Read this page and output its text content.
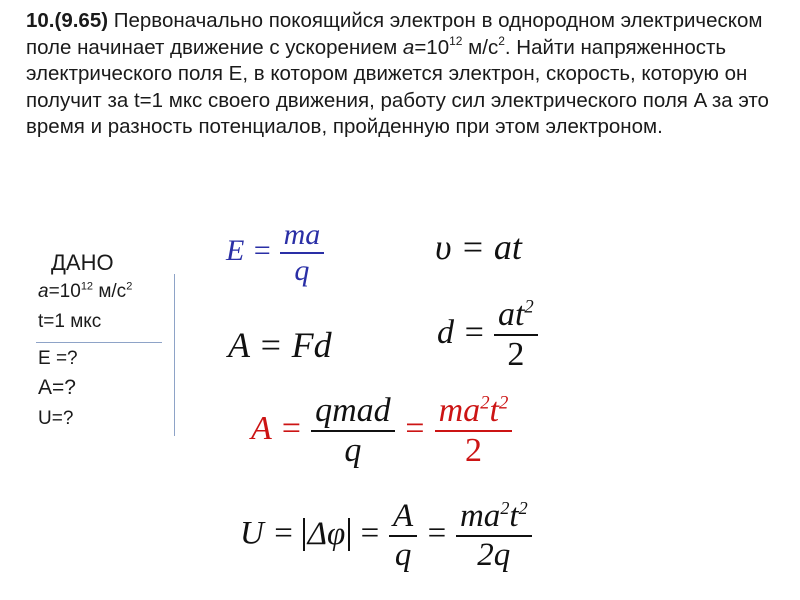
10.(9.65) Первоначально покоящийся электрон в однородном электрическом поле начинает движение с ускорением $a=10^{12}$ $м/с^2$. Найти напряженность электрического поля E, в котором движется электрон, скорость, которую он получит за t=1 мкс своего движения, работу сил электрического поля A за это время и разность потенциалов, пройденную при этом электроном.
ДАНО
$a=10^{12}$ $м/с^2$
t=1 мкс
E =?
A=?
U=?
$E = \frac{ma}{q}$	υ = at
A = Fd	$d = \frac{at^2}{2}$
$A = \frac{\text{qmad}}{q} = \frac{ma^2t^2}{2}$
$U = \Delta\varphi = \frac{A}{q} = \frac{ma^2t^2}{2q}$
